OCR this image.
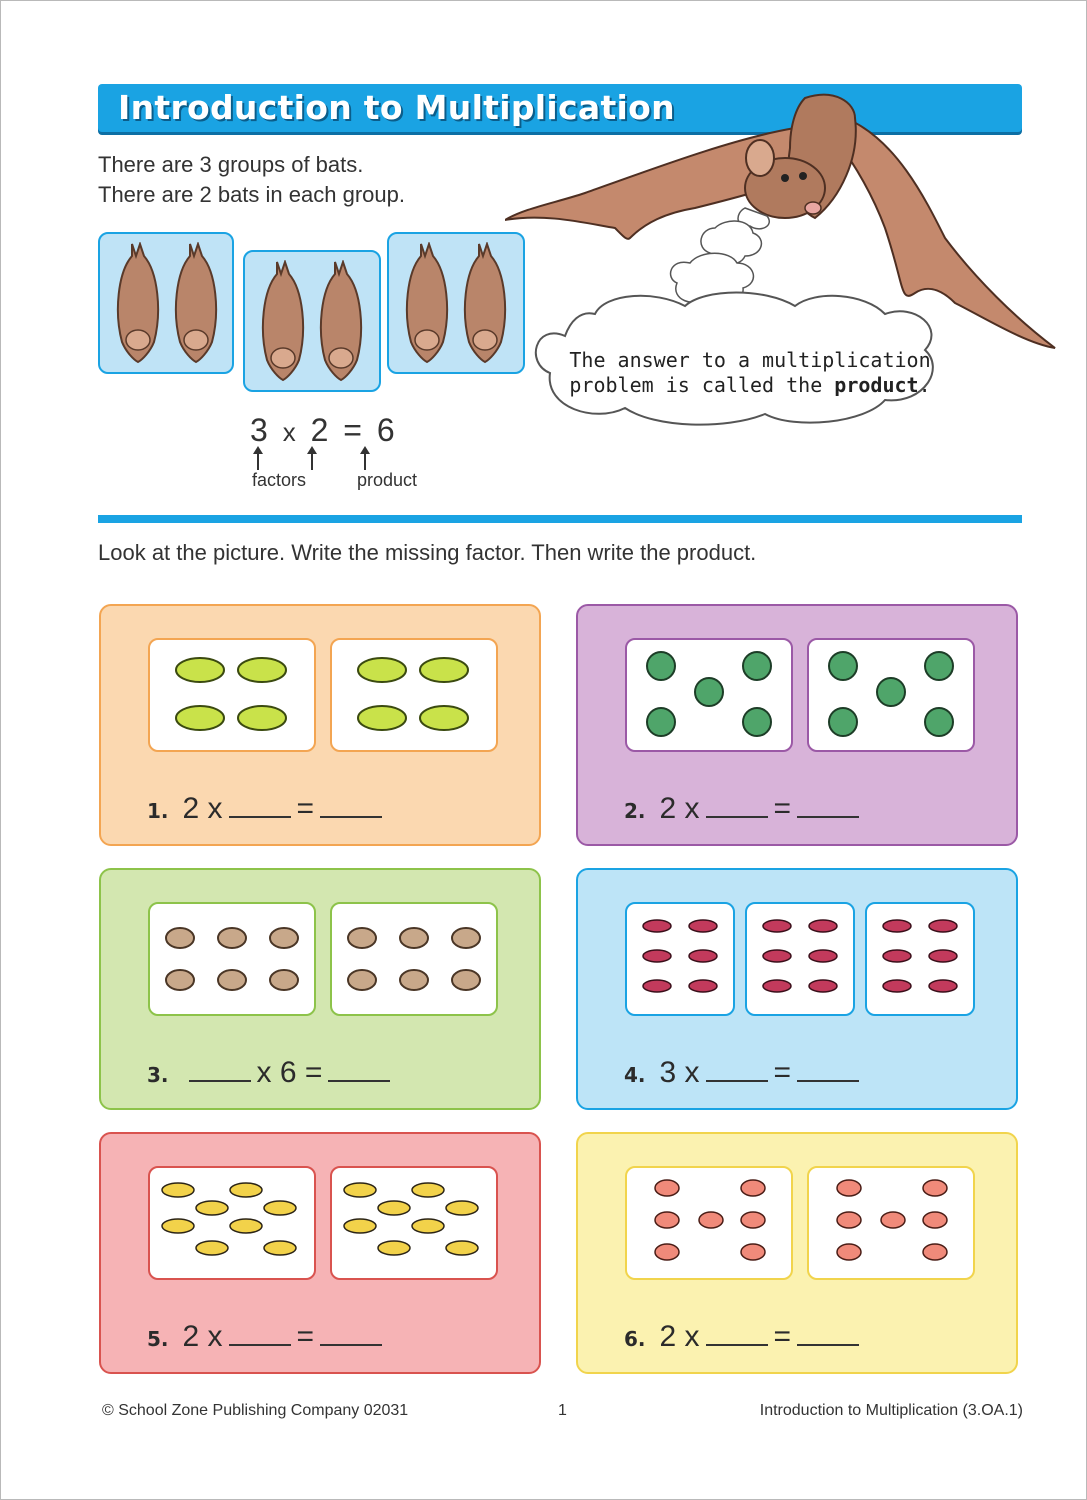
Introduction to Multiplication
There are 3 groups of bats.
There are 2 bats in each group.
The answer to a multiplication
problem is called the product.
3 x 2 = 6
factors	product
Look at the picture. Write the missing factor. Then write the product.
1. 2 x =	2. 2 x =
3.	x 6 =	4. 3 x =
5. 2 x =	6. 2 x =
© School Zone Publishing Company 02031	1	Introduction to Multiplication (3.OA.1)
